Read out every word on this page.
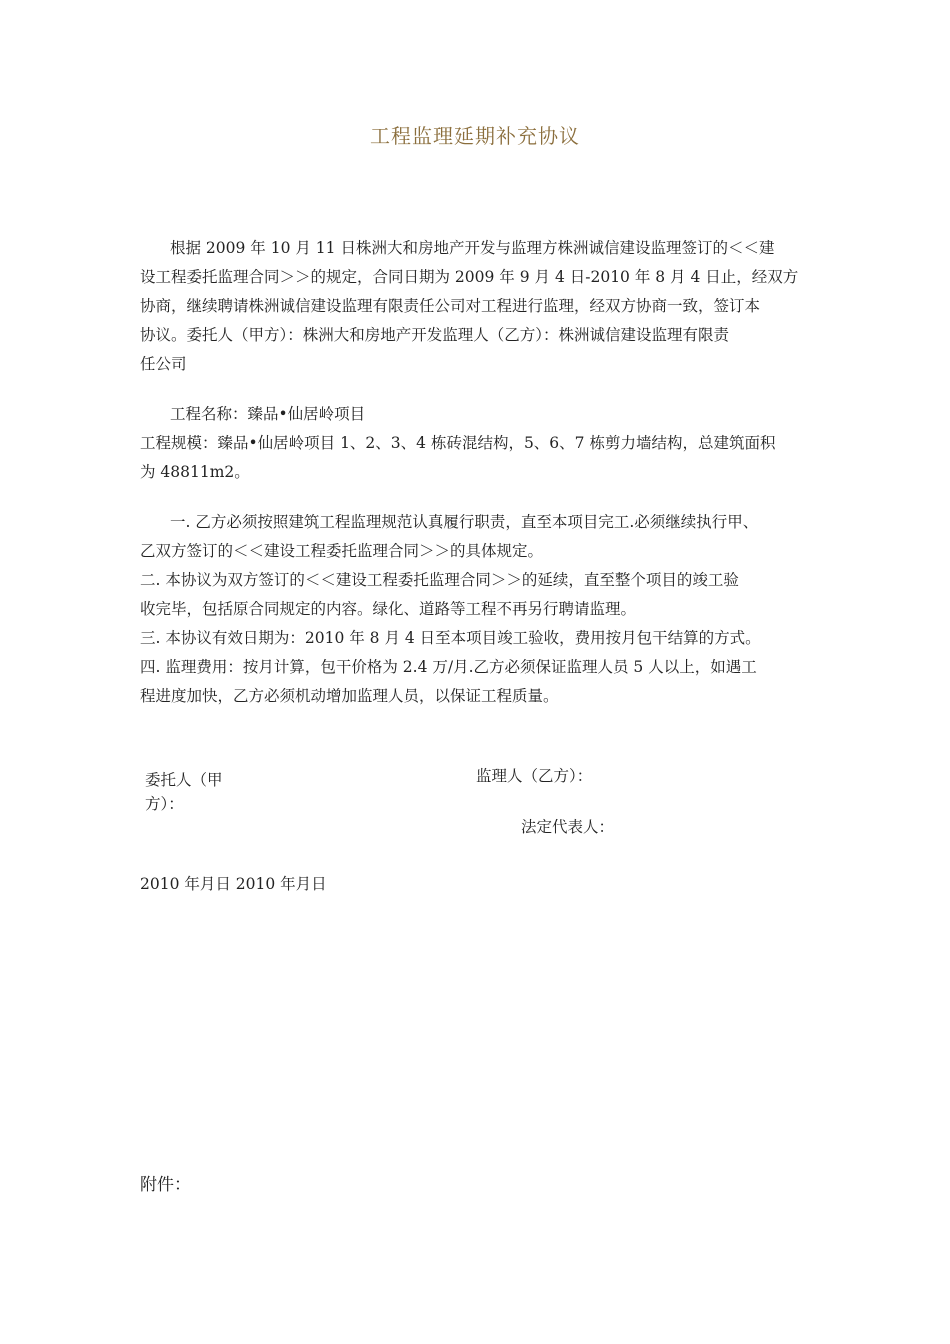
工程监理延期补充协议

根据 2009 年 10 月 11 日株洲大和房地产开发与监理方株洲诚信建设监理签订的＜＜建
设工程委托监理合同＞＞的规定，合同日期为 2009 年 9 月 4 日-2010 年 8 月 4 日止，经双方
协商，继续聘请株洲诚信建设监理有限责任公司对工程进行监理，经双方协商一致，签订本
协议。委托人（甲方）：株洲大和房地产开发监理人（乙方）：株洲诚信建设监理有限责
任公司

工程名称：臻品•仙居岭项目
工程规模：臻品•仙居岭项目 1、2、3、4 栋砖混结构，5、6、7 栋剪力墙结构，总建筑面积
为 48811m2。

一. 乙方必须按照建筑工程监理规范认真履行职责，直至本项目完工.必须继续执行甲、
乙双方签订的＜＜建设工程委托监理合同＞＞的具体规定。
二. 本协议为双方签订的＜＜建设工程委托监理合同＞＞的延续，直至整个项目的竣工验
收完毕，包括原合同规定的内容。绿化、道路等工程不再另行聘请监理。
三. 本协议有效日期为：2010 年 8 月 4 日至本项目竣工验收，费用按月包干结算的方式。
四. 监理费用：按月计算，包干价格为 2.4 万/月.乙方必须保证监理人员 5 人以上，如遇工
程进度加快，乙方必须机动增加监理人员，以保证工程质量。

委托人（甲
方）：
监理人（乙方）：
法定代表人：
2010 年月日 2010 年月日
附件：
